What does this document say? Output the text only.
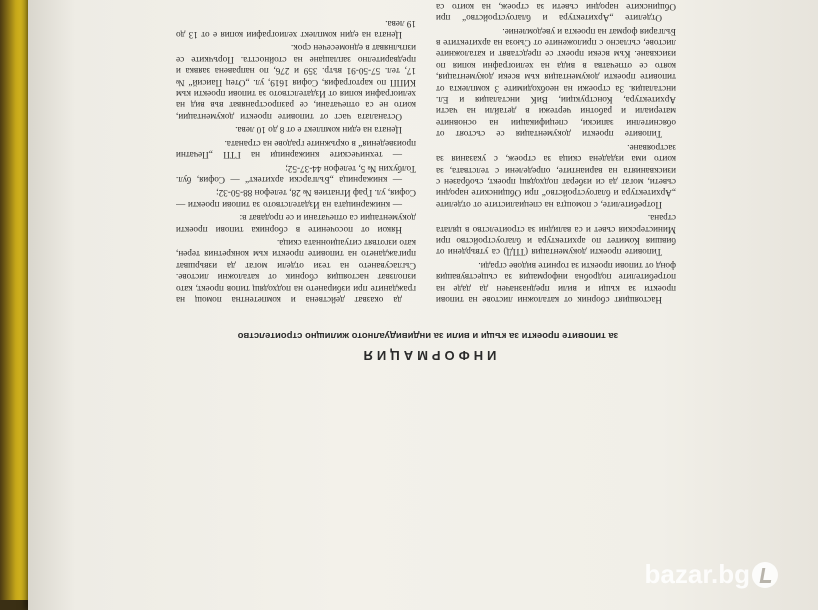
ИНФОРМАЦИЯ
за типовите проекти за къщи и вили за индивидуалното жилищно строителство

Настоящият сборник от каталожни листове на типови проекти за къщи и вили предназначен да даде на потребителите подробна информация за съществуващия фонд от типови проекти за горните видове сгради.

Типовите проекти документация (ТПД) са утвърдени от бившия Комитет по архитектура и благоустройство при Министерския съвет и са валидни за строителство в цялата страна.

Потребителите, с помощта на специалистите от отделите „Архитектура и благоустройство“ при Общинските народни съвети, могат да си изберат подходящ проект, съобразен с изискванията на вариантите, определени с телствата, за които има издадена скица за строеж, с указания за застрояване.

Типовите проекти документация се състоят от обяснителни записки, спецификации на основните материали и работни чертежи в детайли на части Архитектура, Конструкции, ВиК инсталация и Ел. инсталация. За строежи на необходимите 3 комплекта от типовите проекти документация към всеки документация, която се отпечатва в вида на хелиографни копия по изискване. Към всеки проект се представят и каталожните листове, съгласно с приложените от Съюза на архитектите в България формат на проекта и уведомление.

Отделите „Архитектура и благоустройство“ при Общинските народни съвети за строеж, на които са

да оказват действена и компетентна помощ на гражданите при избирането на подходящ типов проект, като използват настоящия сборник от каталожни листове. Съгласуването на тези отдели могат да извършват пригаждането на типовите проекти към конкретния терен, като изготвят ситуационната скица.

Някои от посочените в сборника типови проекти документации са отпечатани и се продават в:

— книжарницата на Издателството за типови проекти — София, ул. Граф Игнатиев № 28, телефон 88-50-32;

— книжарница „Български архитект“ — София, бул. Толбухин № 5, телефон 44-37-52;

— техническите книжарници на ГТП „Печатни произведения“ в окръжните градове на страната.

Цената на един комплект е от 8 до 10 лева.

Останалата част от типовите проекти документации, които не са отпечатани, се разпространяват във вид на хелиографни копия от Издателството за типови проекти към КИПП по картография, София 1619, ул. „Отец Паисий“ № 17, тел. 57-50-91 вътр. 359 и 276, по направена заявка и предварително заплащане на стойността. Поръчките се изпълняват в едномесечен срок.

Цената на един комплект хелиографии копия е от 13 до 19 лева.

bazar.bg
